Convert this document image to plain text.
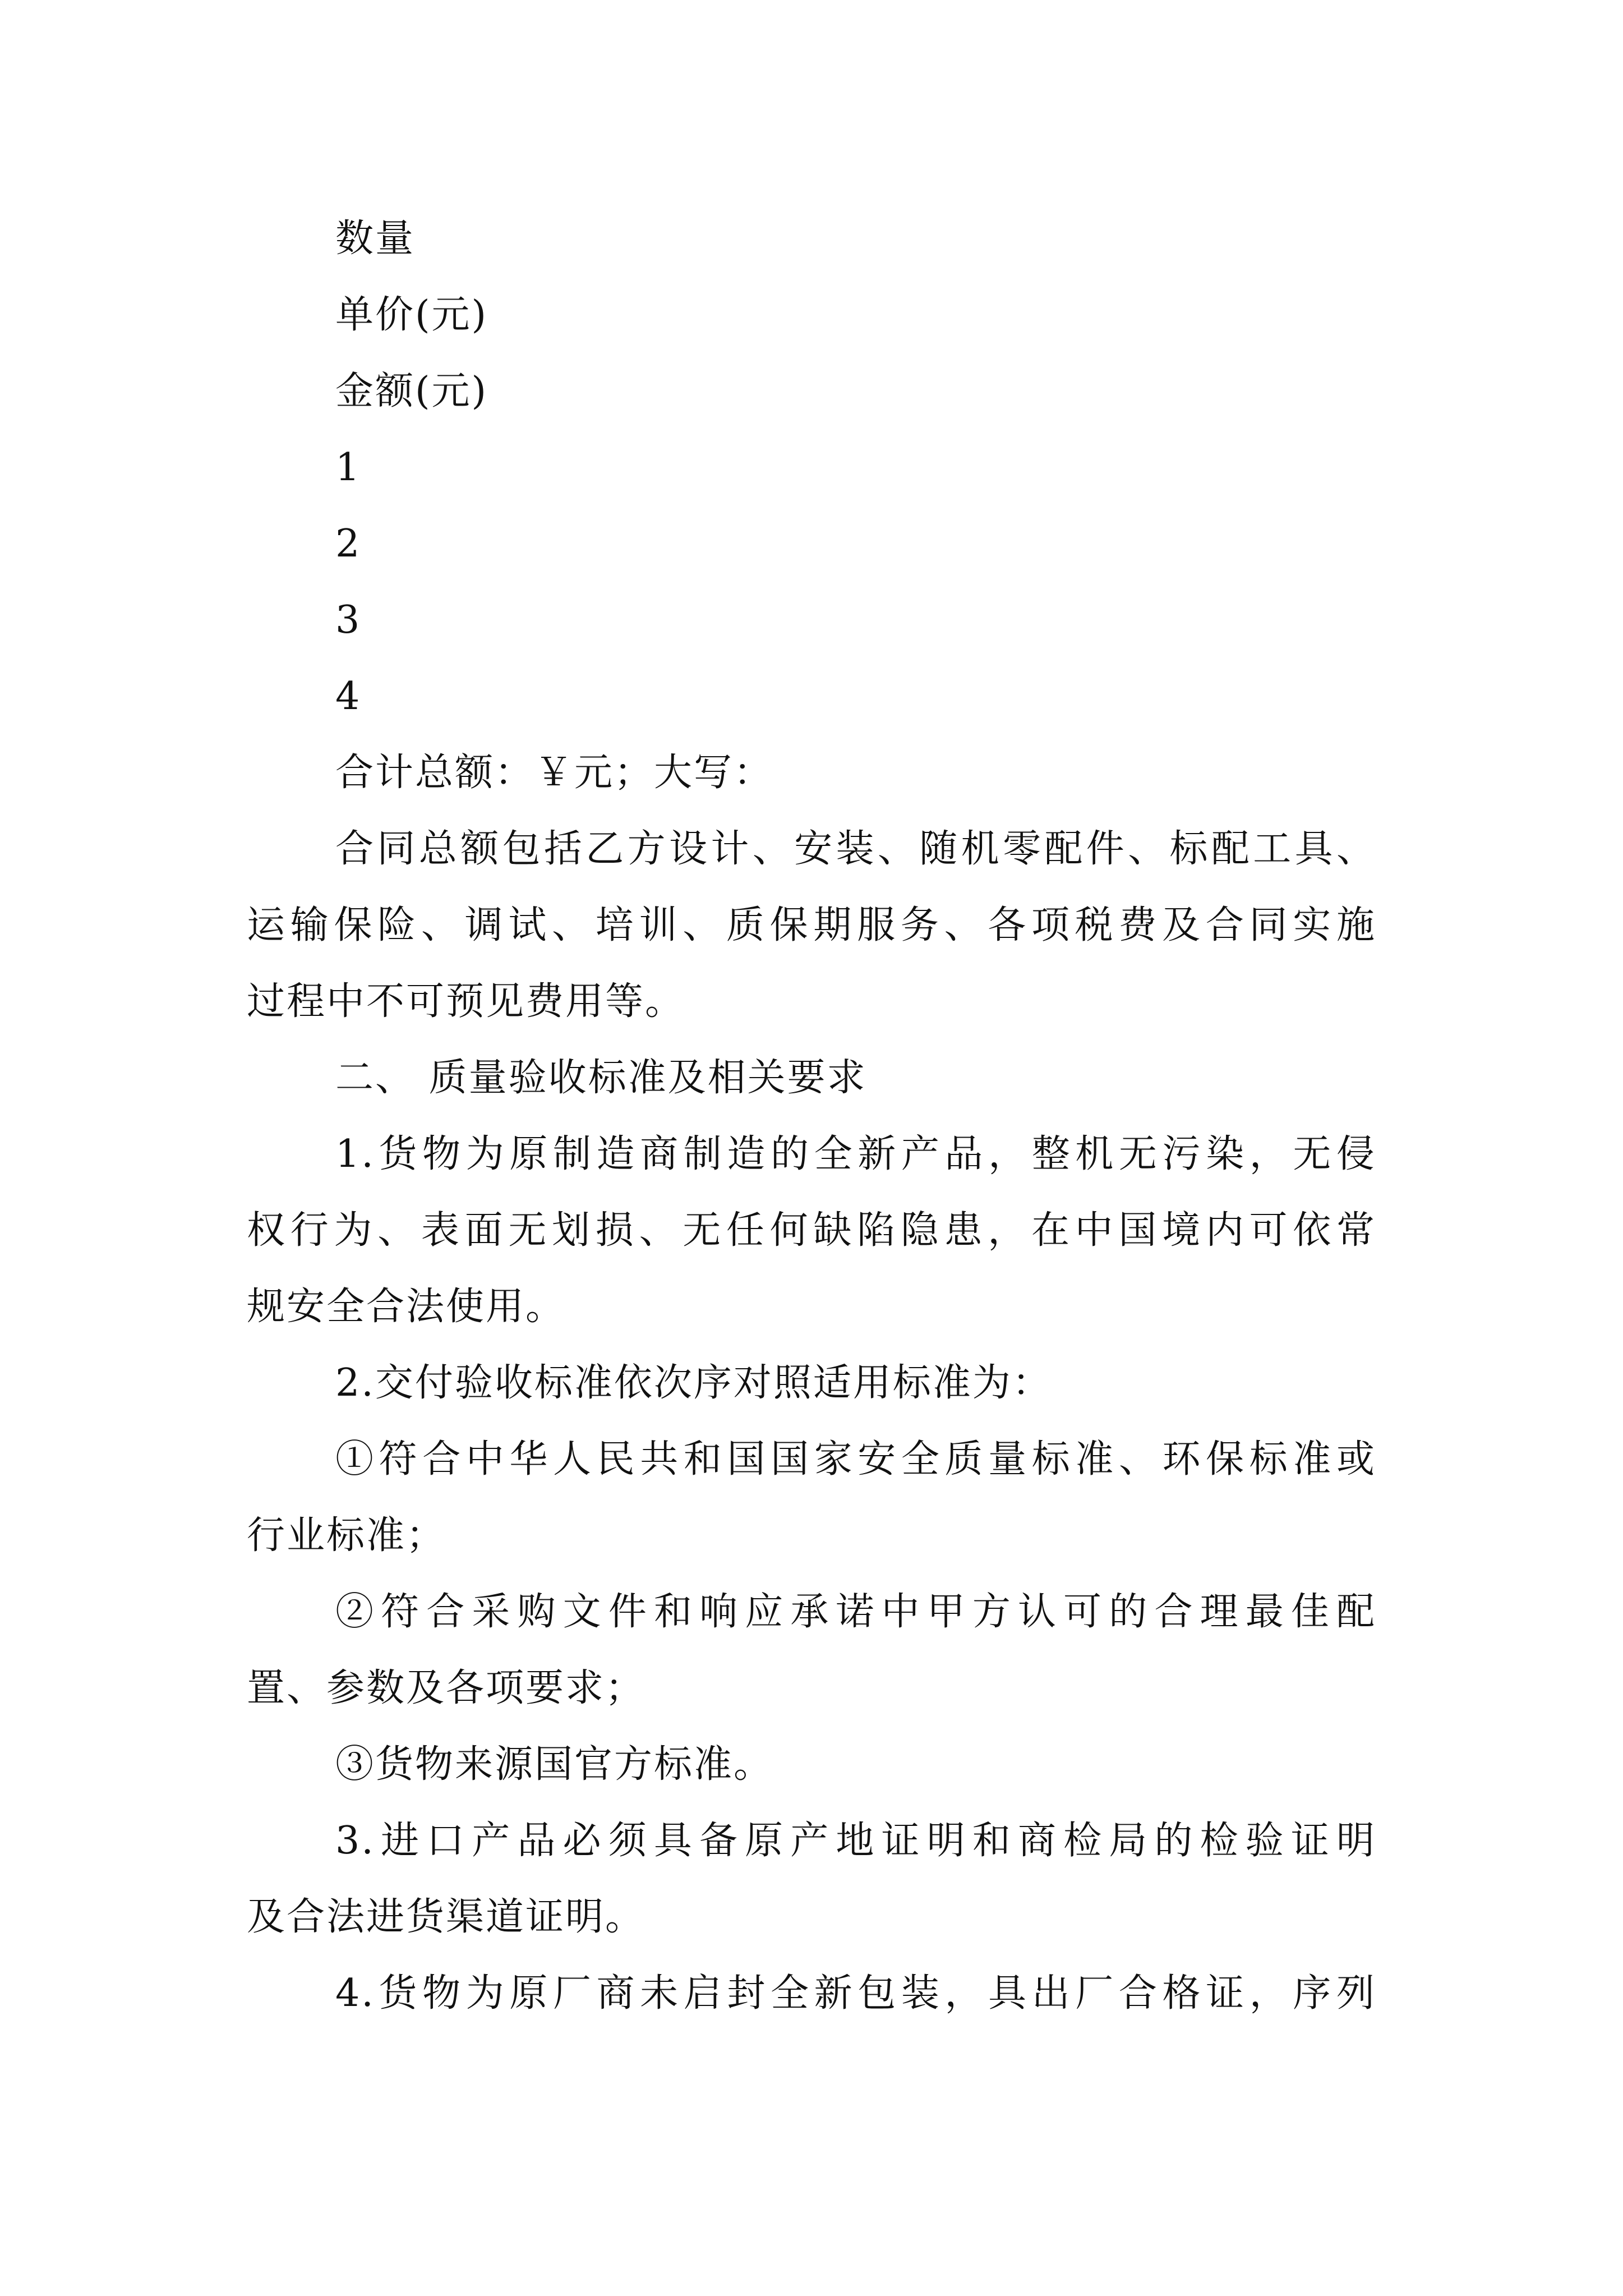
数量
单价(元)
金额(元)
1
2
3
4
合计总额：￥元；大写：
合同总额包括乙方设计、安装、随机零配件、标配工具、
运输保险、调试、培训、质保期服务、各项税费及合同实施
过程中不可预见费用等。
二、 质量验收标准及相关要求
1.货物为原制造商制造的全新产品，整机无污染，无侵
权行为、表面无划损、无任何缺陷隐患，在中国境内可依常
规安全合法使用。
2.交付验收标准依次序对照适用标准为：
①符合中华人民共和国国家安全质量标准、环保标准或
行业标准；
②符合采购文件和响应承诺中甲方认可的合理最佳配
置、参数及各项要求；
③货物来源国官方标准。
3.进口产品必须具备原产地证明和商检局的检验证明
及合法进货渠道证明。
4.货物为原厂商未启封全新包装，具出厂合格证，序列
